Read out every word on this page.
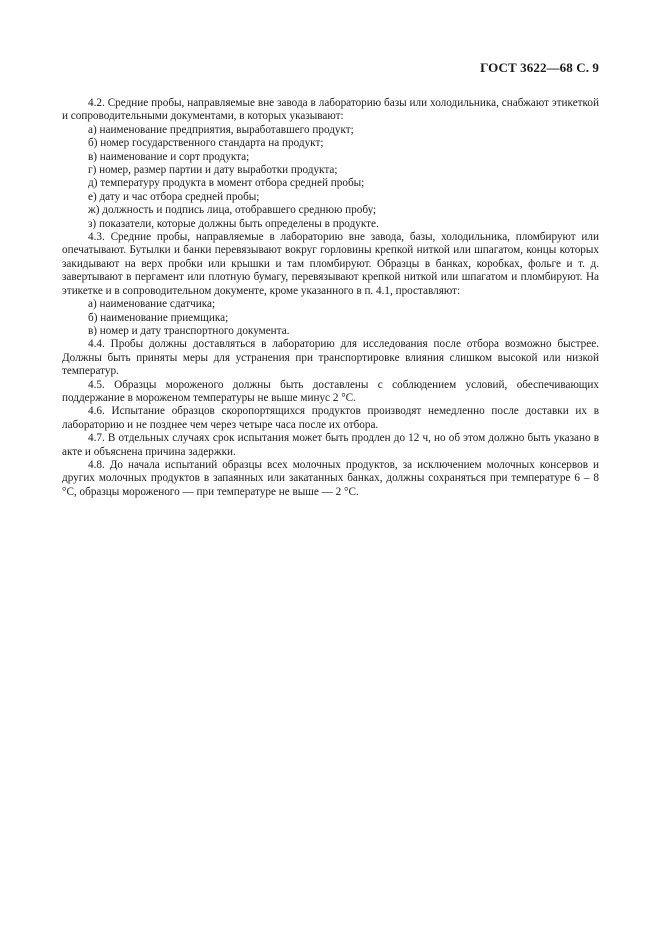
ГОСТ 3622—68 С. 9

4.2. Средние пробы, направляемые вне завода в лабораторию базы или холодильника, снабжают этикеткой и сопроводительными документами, в которых указывают:

а) наименование предприятия, выработавшего продукт;

б) номер государственного стандарта на продукт;

в) наименование и сорт продукта;

г) номер, размер партии и дату выработки продукта;

д) температуру продукта в момент отбора средней пробы;

е) дату и час отбора средней пробы;

ж) должность и подпись лица, отобравшего среднюю пробу;

з) показатели, которые должны быть определены в продукте.

4.3. Средние пробы, направляемые в лабораторию вне завода, базы, холодильника, пломбируют или опечатывают. Бутылки и банки перевязывают вокруг горловины крепкой ниткой или шпагатом, концы которых закидывают на верх пробки или крышки и там пломбируют. Образцы в банках, коробках, фольге и т. д. завертывают в пергамент или плотную бумагу, перевязывают крепкой ниткой или шпагатом и пломбируют. На этикетке и в сопроводительном документе, кроме указанного в п. 4.1, проставляют:

а) наименование сдатчика;

б) наименование приемщика;

в) номер и дату транспортного документа.

4.4. Пробы должны доставляться в лабораторию для исследования после отбора возможно быстрее. Должны быть приняты меры для устранения при транспортировке влияния слишком высокой или низкой температур.

4.5. Образцы мороженого должны быть доставлены с соблюдением условий, обеспечивающих поддержание в мороженом температуры не выше минус 2 °С.

4.6. Испытание образцов скоропортящихся продуктов производят немедленно после доставки их в лабораторию и не позднее чем через четыре часа после их отбора.

4.7. В отдельных случаях срок испытания может быть продлен до 12 ч, но об этом должно быть указано в акте и объяснена причина задержки.

4.8. До начала испытаний образцы всех молочных продуктов, за исключением молочных консервов и других молочных продуктов в запаянных или закатанных банках, должны сохраняться при температуре 6 – 8 °С, образцы мороженого — при температуре не выше — 2 °С.
